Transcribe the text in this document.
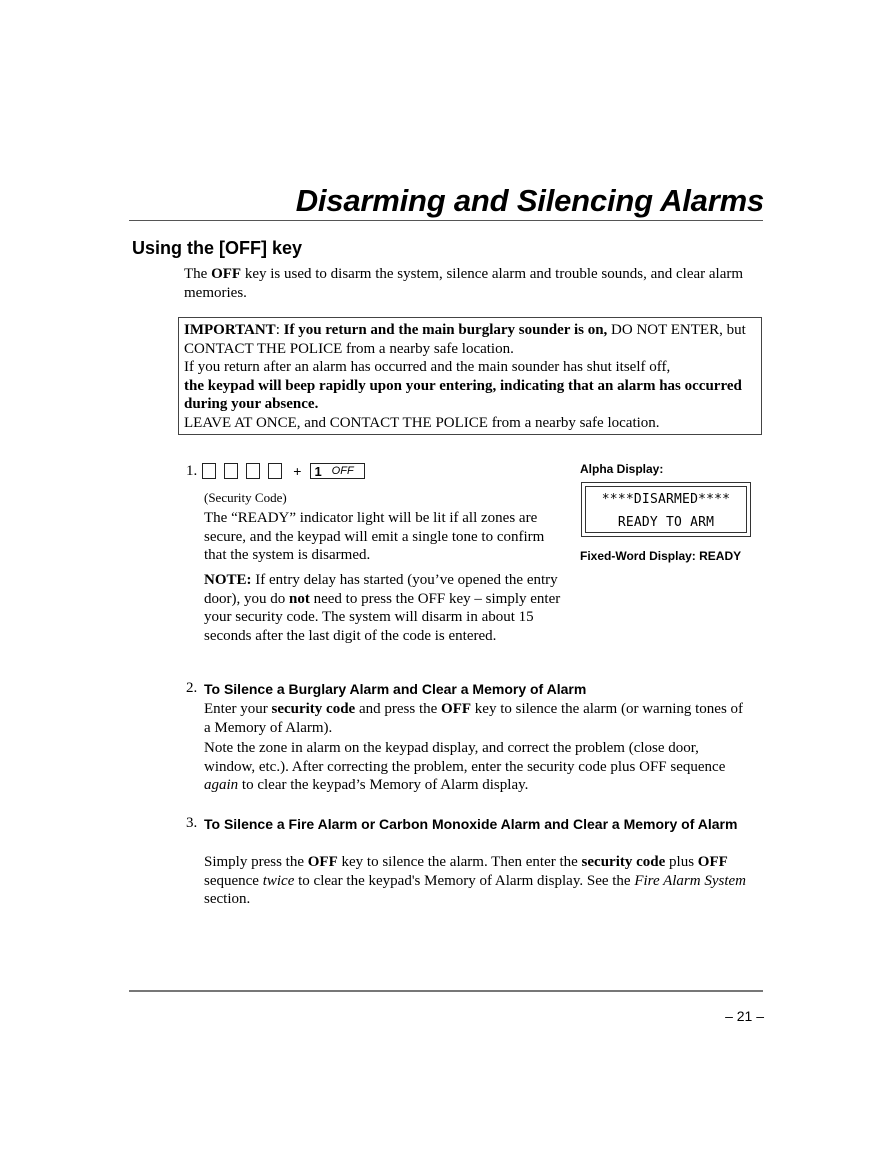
Disarming and Silencing Alarms
Using the [OFF] key
The OFF key is used to disarm the system, silence alarm and trouble sounds, and clear alarm memories.
IMPORTANT: If you return and the main burglary sounder is on, DO NOT ENTER, but CONTACT THE POLICE from a nearby safe location.
If you return after an alarm has occurred and the main sounder has shut itself off,
the keypad will beep rapidly upon your entering, indicating that an alarm has occurred during your absence.
LEAVE AT ONCE, and CONTACT THE POLICE from a nearby safe location.
1.	+ 1 OFF
(Security Code)
The “READY” indicator light will be lit if all zones are secure, and the keypad will emit a single tone to confirm that the system is disarmed.
NOTE: If entry delay has started (you’ve opened the entry door), you do not need to press the OFF key – simply enter your security code. The system will disarm in about 15 seconds after the last digit of the code is entered.
Alpha Display:
****DISARMED****
READY TO ARM
Fixed-Word Display: READY
2. To Silence a Burglary Alarm and Clear a Memory of Alarm
Enter your security code and press the OFF key to silence the alarm (or warning tones of a Memory of Alarm).
Note the zone in alarm on the keypad display, and correct the problem (close door, window, etc.). After correcting the problem, enter the security code plus OFF sequence again to clear the keypad’s Memory of Alarm display.
3. To Silence a Fire Alarm or Carbon Monoxide Alarm and Clear a Memory of Alarm
Simply press the OFF key to silence the alarm. Then enter the security code plus OFF sequence twice to clear the keypad's Memory of Alarm display. See the Fire Alarm System section.
– 21 –
